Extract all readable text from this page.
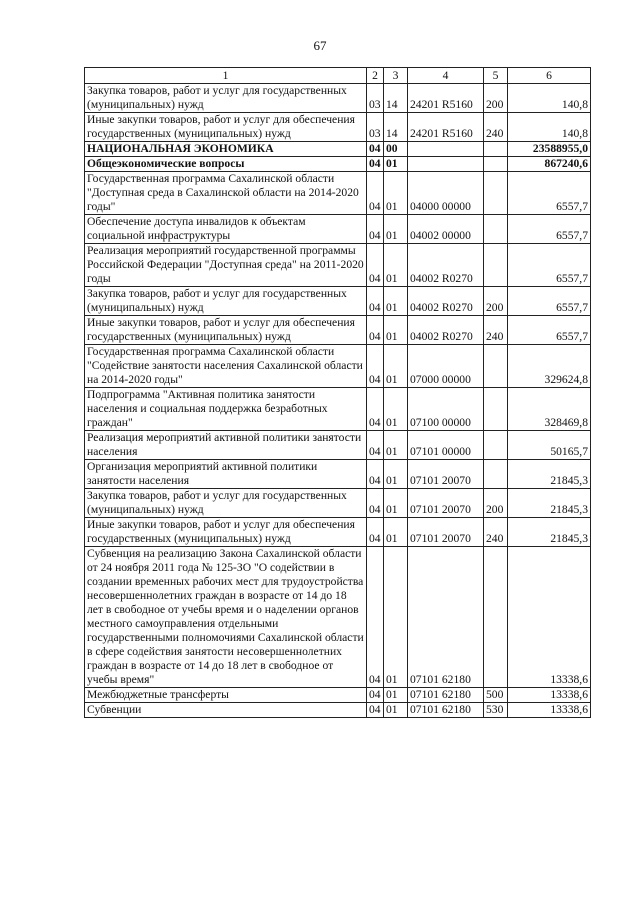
67
1	2	3	4	5	6
Закупка товаров, работ и услуг для государственных (муниципальных) нужд	03	14	24201 R5160	200	140,8
Иные закупки товаров, работ и услуг для обеспечения государственных (муниципальных) нужд	03	14	24201 R5160	240	140,8
НАЦИОНАЛЬНАЯ ЭКОНОМИКА	04	00			23588955,0
Общеэкономические вопросы	04	01			867240,6
Государственная программа Сахалинской области "Доступная среда в Сахалинской области на 2014-2020 годы"	04	01	04000 00000		6557,7
Обеспечение доступа инвалидов к объектам социальной инфраструктуры	04	01	04002 00000		6557,7
Реализация мероприятий государственной программы Российской Федерации "Доступная среда" на 2011-2020 годы	04	01	04002 R0270		6557,7
Закупка товаров, работ и услуг для государственных (муниципальных) нужд	04	01	04002 R0270	200	6557,7
Иные закупки товаров, работ и услуг для обеспечения государственных (муниципальных) нужд	04	01	04002 R0270	240	6557,7
Государственная программа Сахалинской области "Содействие занятости населения Сахалинской области на 2014-2020 годы"	04	01	07000 00000		329624,8
Подпрограмма "Активная политика занятости населения и социальная поддержка безработных граждан"	04	01	07100 00000		328469,8
Реализация мероприятий активной политики занятости населения	04	01	07101 00000		50165,7
Организация мероприятий активной политики занятости населения	04	01	07101 20070		21845,3
Закупка товаров, работ и услуг для государственных (муниципальных) нужд	04	01	07101 20070	200	21845,3
Иные закупки товаров, работ и услуг для обеспечения государственных (муниципальных) нужд	04	01	07101 20070	240	21845,3
Субвенция на реализацию Закона Сахалинской области от 24 ноября 2011 года № 125-ЗО "О содействии в создании временных рабочих мест для трудоустройства несовершеннолетних граждан в возрасте от 14 до 18 лет в свободное от учебы время и о наделении органов местного самоуправления отдельными государственными полномочиями Сахалинской области в сфере содействия занятости несовершеннолетних граждан в возрасте от 14 до 18 лет в свободное от учебы время"	04	01	07101 62180		13338,6
Межбюджетные трансферты	04	01	07101 62180	500	13338,6
Субвенции	04	01	07101 62180	530	13338,6
